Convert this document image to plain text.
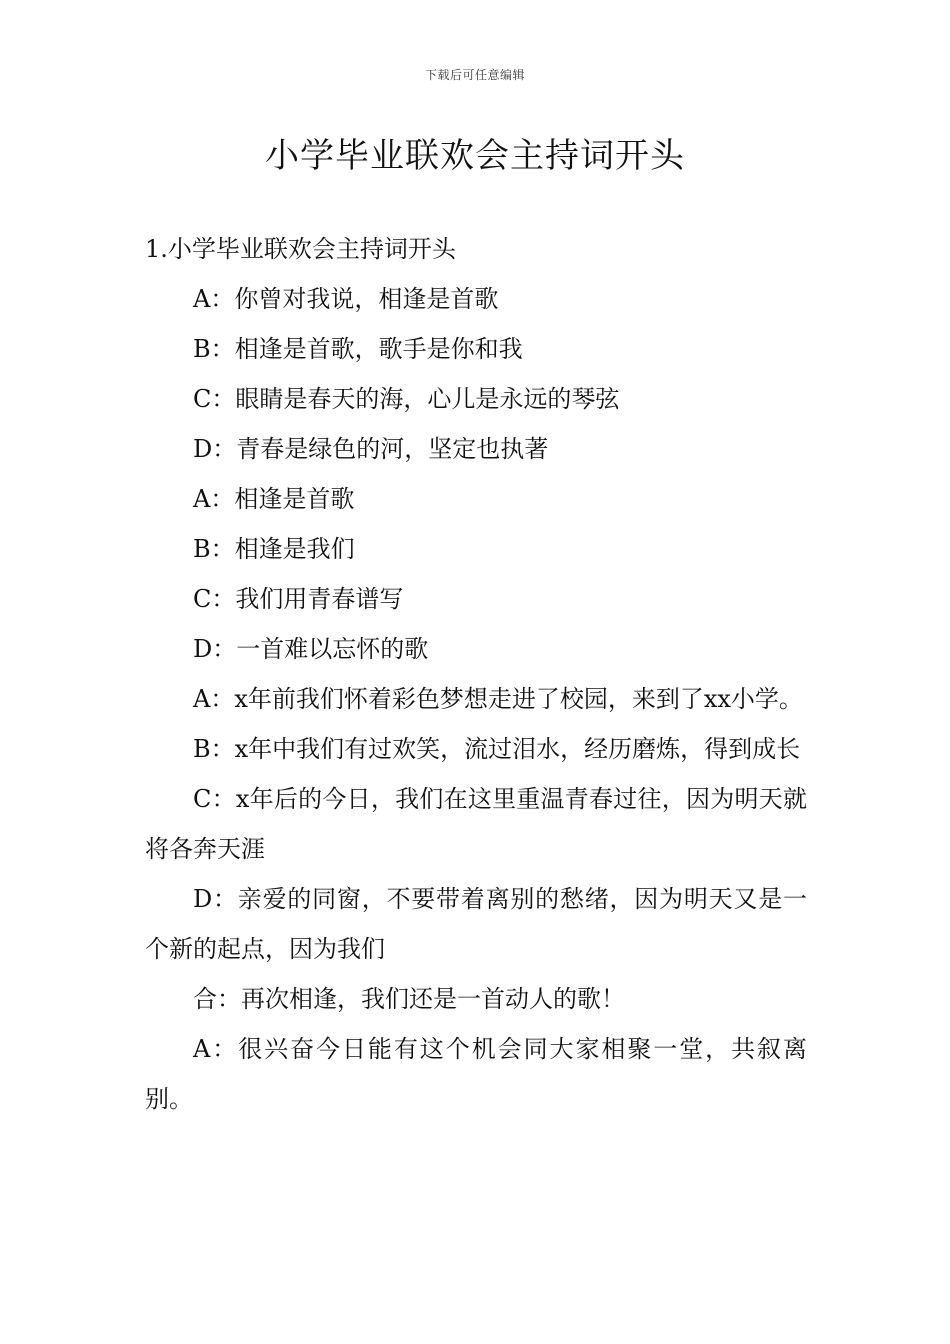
下载后可任意编辑
小学毕业联欢会主持词开头

1.小学毕业联欢会主持词开头

A：你曾对我说，相逢是首歌

B：相逢是首歌，歌手是你和我

C：眼睛是春天的海，心儿是永远的琴弦

D：青春是绿色的河，坚定也执著

A：相逢是首歌

B：相逢是我们

C：我们用青春谱写

D：一首难以忘怀的歌

A：x年前我们怀着彩色梦想走进了校园，来到了xx小学。

B：x年中我们有过欢笑，流过泪水，经历磨炼，得到成长

C：x年后的今日，我们在这里重温青春过往，因为明天就将各奔天涯

D：亲爱的同窗，不要带着离别的愁绪，因为明天又是一个新的起点，因为我们

合：再次相逢，我们还是一首动人的歌！

A：很兴奋今日能有这个机会同大家相聚一堂，共叙离别。
